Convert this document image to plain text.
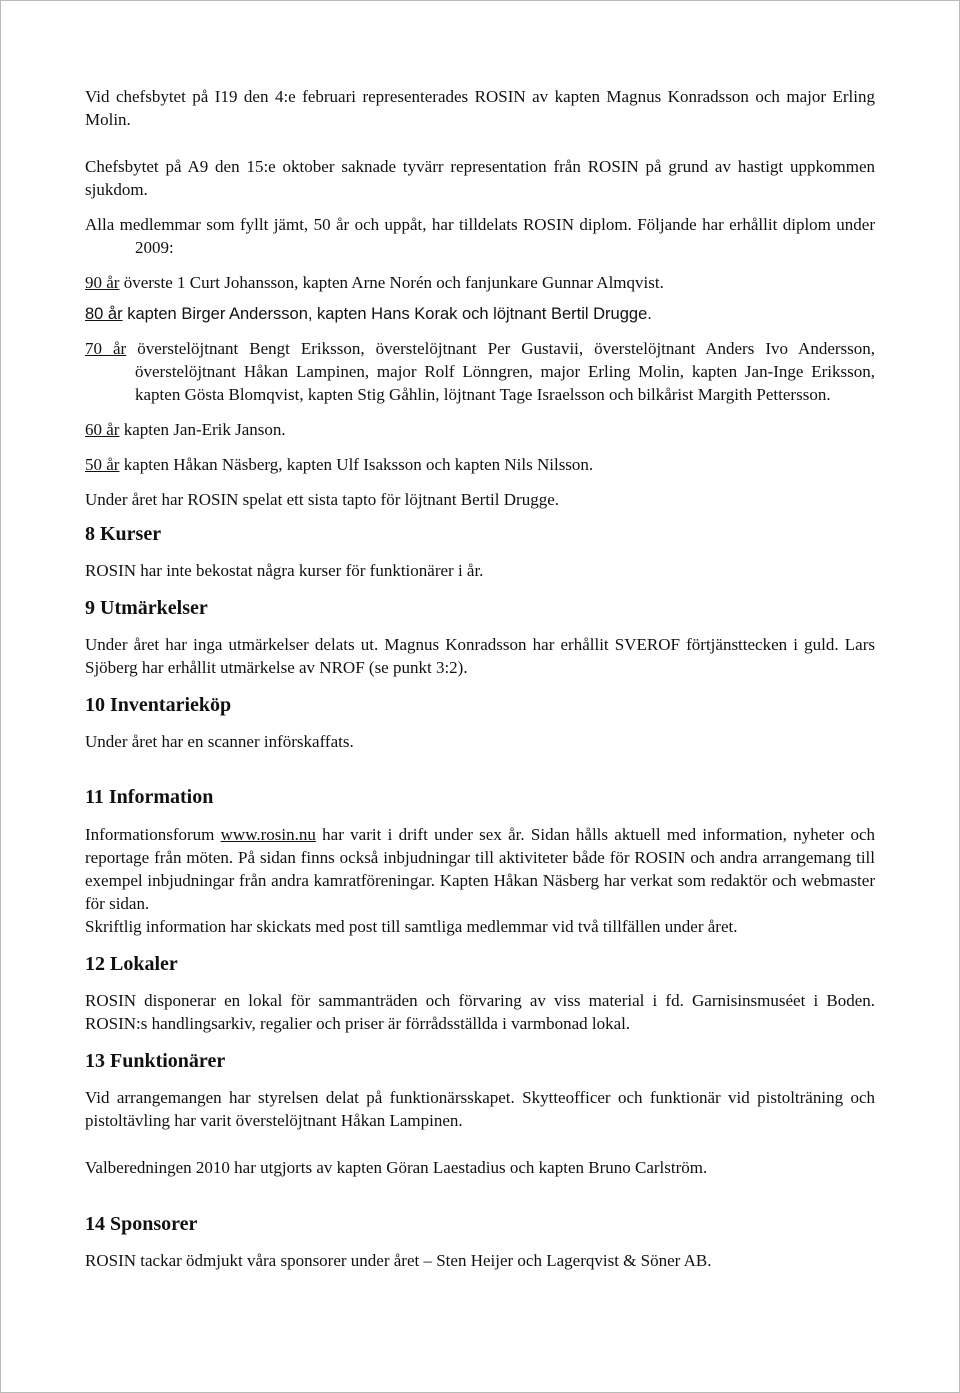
Vid chefsbytet på I19 den 4:e februari representerades ROSIN av kapten Magnus Konradsson och major Erling Molin.

Chefsbytet på A9 den 15:e oktober saknade tyvärr representation från ROSIN på grund av hastigt uppkommen sjukdom.

Alla medlemmar som fyllt jämt, 50 år och uppåt, har tilldelats ROSIN diplom. Följande har erhållit diplom under 2009:

90 år överste 1 Curt Johansson, kapten Arne Norén och fanjunkare Gunnar Almqvist.

80 år kapten Birger Andersson, kapten Hans Korak och löjtnant Bertil Drugge.

70 år överstelöjtnant Bengt Eriksson, överstelöjtnant Per Gustavii, överstelöjtnant Anders Ivo Andersson, överstelöjtnant Håkan Lampinen, major Rolf Lönngren, major Erling Molin, kapten Jan-Inge Eriksson, kapten Gösta Blomqvist, kapten Stig Gåhlin, löjtnant Tage Israelsson och bilkårist Margith Pettersson.

60 år kapten Jan-Erik Janson.

50 år kapten Håkan Näsberg, kapten Ulf Isaksson och kapten Nils Nilsson.

Under året har ROSIN spelat ett sista tapto för löjtnant Bertil Drugge.

8 Kurser

ROSIN har inte bekostat några kurser för funktionärer i år.

9 Utmärkelser

Under året har inga utmärkelser delats ut. Magnus Konradsson har erhållit SVEROF förtjänsttecken i guld. Lars Sjöberg har erhållit utmärkelse av NROF (se punkt 3:2).

10 Inventarieköp

Under året har en scanner införskaffats.

11 Information

Informationsforum www.rosin.nu har varit i drift under sex år. Sidan hålls aktuell med information, nyheter och reportage från möten. På sidan finns också inbjudningar till aktiviteter både för ROSIN och andra arrangemang till exempel inbjudningar från andra kamratföreningar. Kapten Håkan Näsberg har verkat som redaktör och webmaster för sidan.

Skriftlig information har skickats med post till samtliga medlemmar vid två tillfällen under året.

12 Lokaler

ROSIN disponerar en lokal för sammanträden och förvaring av viss material i fd. Garnisinsmuséet i Boden. ROSIN:s handlingsarkiv, regalier och priser är förrådsställda i varmbonad lokal.

13 Funktionärer

Vid arrangemangen har styrelsen delat på funktionärsskapet. Skytteofficer och funktionär vid pistolträning och pistoltävling har varit överstelöjtnant Håkan Lampinen.

Valberedningen 2010 har utgjorts av kapten Göran Laestadius och kapten Bruno Carlström.

14 Sponsorer

ROSIN tackar ödmjukt våra sponsorer under året – Sten Heijer och Lagerqvist & Söner AB.
